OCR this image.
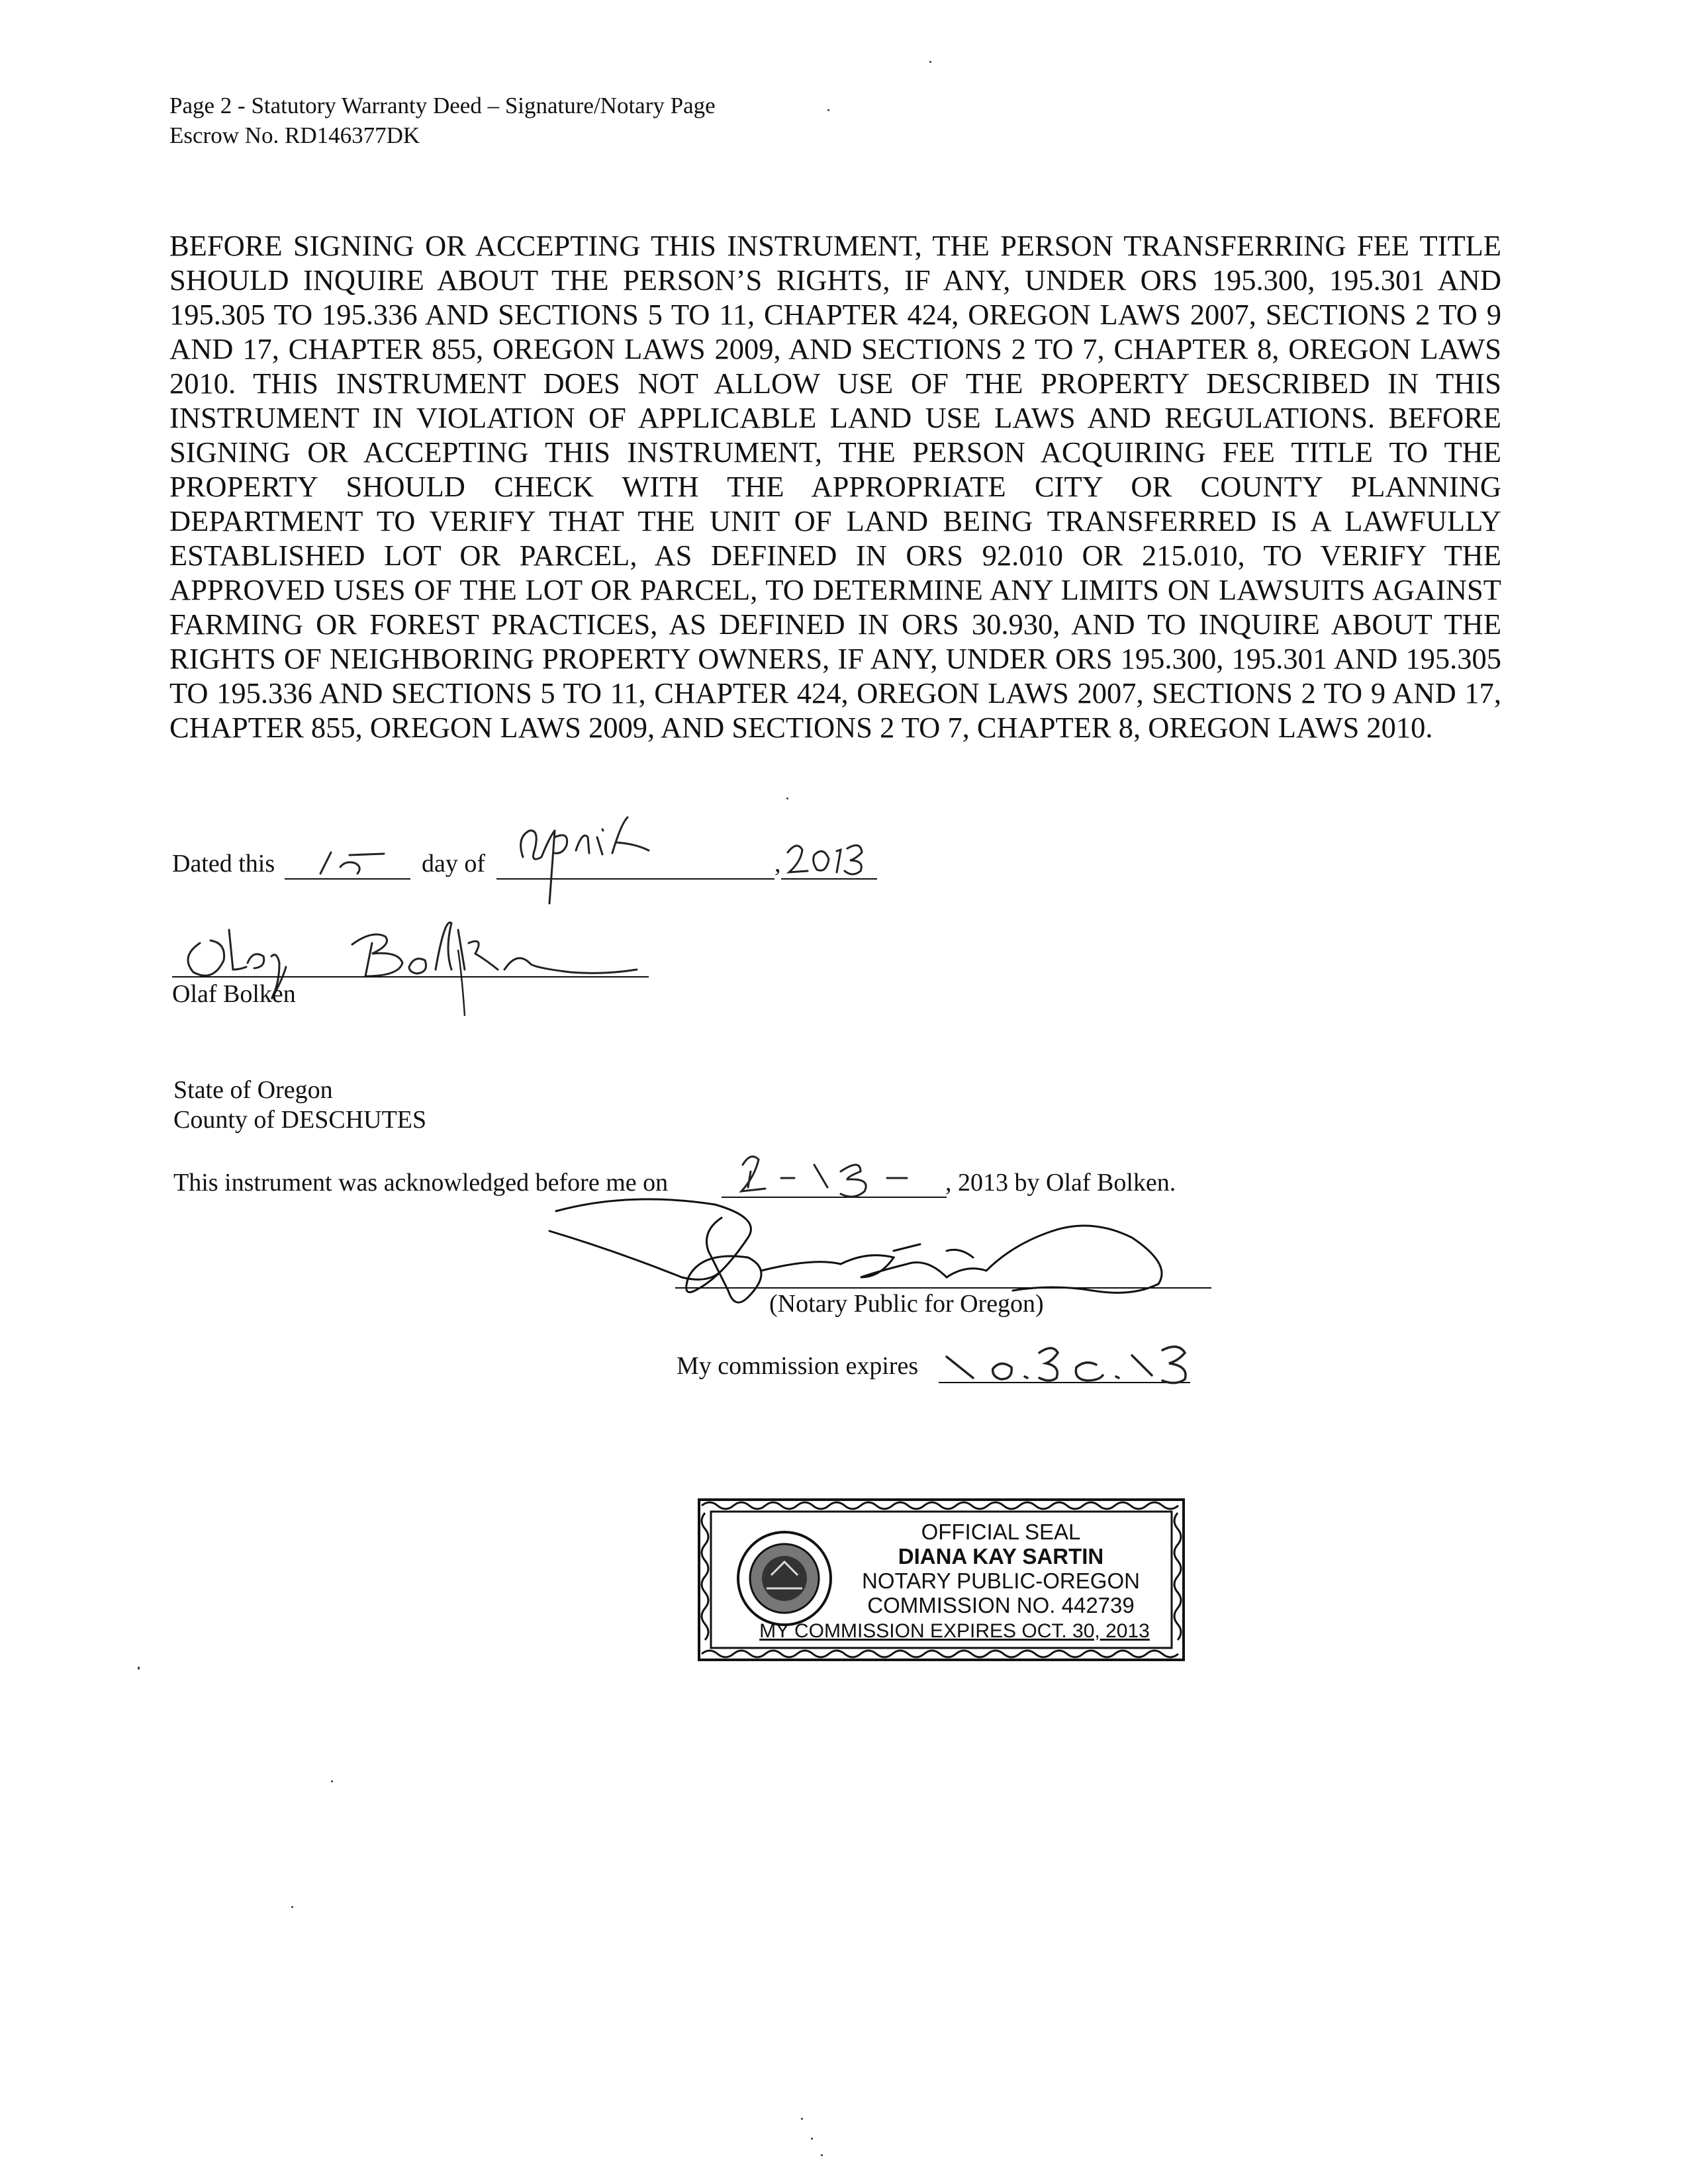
Page 2 - Statutory Warranty Deed – Signature/Notary Page
Escrow No. RD146377DK
BEFORE SIGNING OR ACCEPTING THIS INSTRUMENT, THE PERSON TRANSFERRING FEE TITLE SHOULD INQUIRE ABOUT THE PERSON’S RIGHTS, IF ANY, UNDER ORS 195.300, 195.301 AND 195.305 TO 195.336 AND SECTIONS 5 TO 11, CHAPTER 424, OREGON LAWS 2007, SECTIONS 2 TO 9 AND 17, CHAPTER 855, OREGON LAWS 2009, AND SECTIONS 2 TO 7, CHAPTER 8, OREGON LAWS 2010. THIS INSTRUMENT DOES NOT ALLOW USE OF THE PROPERTY DESCRIBED IN THIS INSTRUMENT IN VIOLATION OF APPLICABLE LAND USE LAWS AND REGULATIONS. BEFORE SIGNING OR ACCEPTING THIS INSTRUMENT, THE PERSON ACQUIRING FEE TITLE TO THE PROPERTY SHOULD CHECK WITH THE APPROPRIATE CITY OR COUNTY PLANNING DEPARTMENT TO VERIFY THAT THE UNIT OF LAND BEING TRANSFERRED IS A LAWFULLY ESTABLISHED LOT OR PARCEL, AS DEFINED IN ORS 92.010 OR 215.010, TO VERIFY THE APPROVED USES OF THE LOT OR PARCEL, TO DETERMINE ANY LIMITS ON LAWSUITS AGAINST FARMING OR FOREST PRACTICES, AS DEFINED IN ORS 30.930, AND TO INQUIRE ABOUT THE RIGHTS OF NEIGHBORING PROPERTY OWNERS, IF ANY, UNDER ORS 195.300, 195.301 AND 195.305 TO 195.336 AND SECTIONS 5 TO 11, CHAPTER 424, OREGON LAWS 2007, SECTIONS 2 TO 9 AND 17, CHAPTER 855, OREGON LAWS 2009, AND SECTIONS 2 TO 7, CHAPTER 8, OREGON LAWS 2010.
Dated this	day of	,
Olaf Bolken
State of Oregon
County of DESCHUTES
This instrument was acknowledged before me on	, 2013 by Olaf Bolken.
(Notary Public for Oregon)
My commission expires
OFFICIAL SEAL
DIANA KAY SARTIN
NOTARY PUBLIC-OREGON
COMMISSION NO. 442739
MY COMMISSION EXPIRES OCT. 30, 2013
